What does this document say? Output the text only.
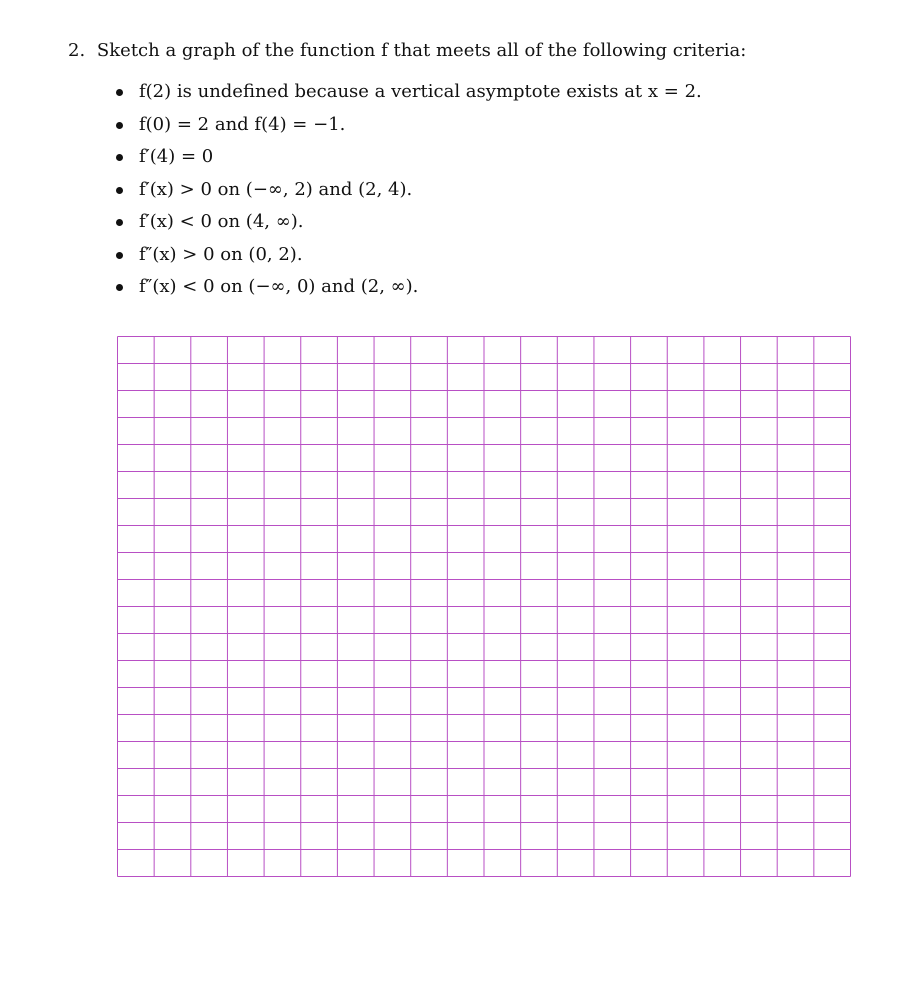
2. Sketch a graph of the function f that meets all of the following criteria:
f(2) is undefined because a vertical asymptote exists at x = 2.
f(0) = 2 and f(4) = −1.
f′(4) = 0
f′(x) > 0 on (−∞, 2) and (2, 4).
f′(x) < 0 on (4, ∞).
f″(x) > 0 on (0, 2).
f″(x) < 0 on (−∞, 0) and (2, ∞).
